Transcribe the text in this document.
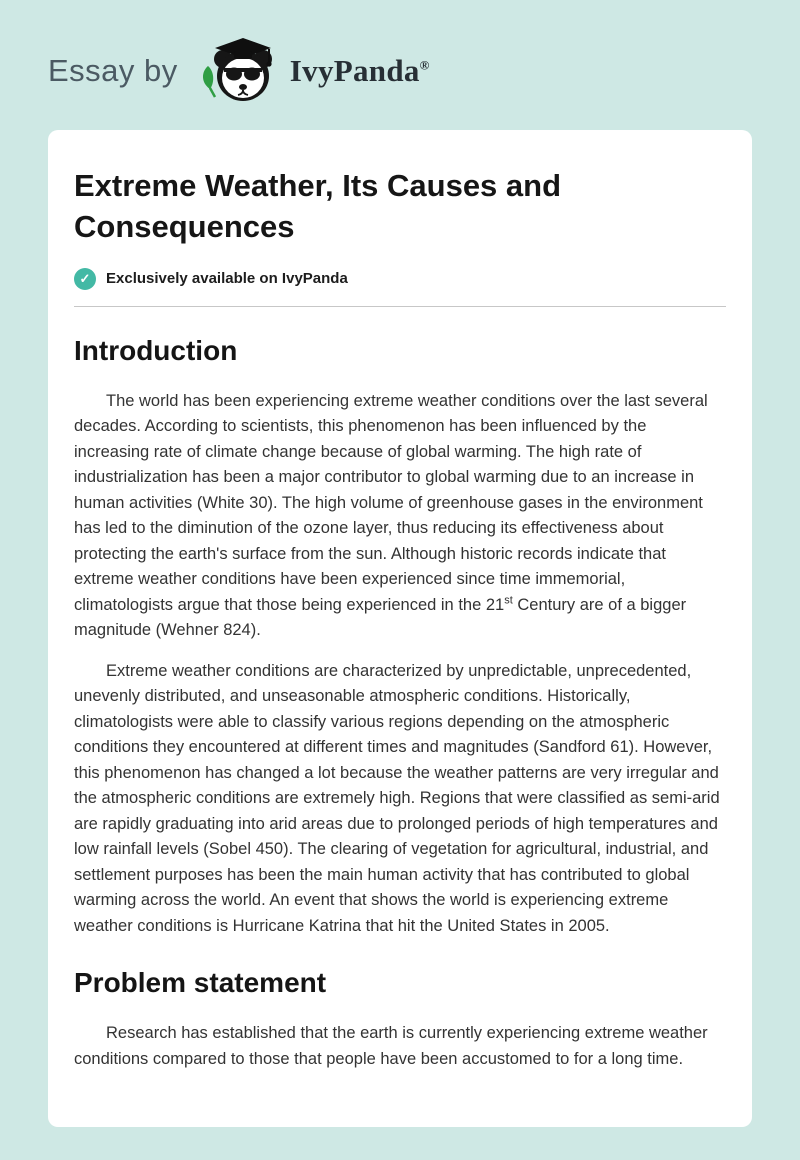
Essay by	IvyPanda®
Extreme Weather, Its Causes and Consequences
✓	Exclusively available on IvyPanda
Introduction

The world has been experiencing extreme weather conditions over the last several decades. According to scientists, this phenomenon has been influenced by the increasing rate of climate change because of global warming. The high rate of industrialization has been a major contributor to global warming due to an increase in human activities (White 30). The high volume of greenhouse gases in the environment has led to the diminution of the ozone layer, thus reducing its effectiveness about protecting the earth's surface from the sun. Although historic records indicate that extreme weather conditions have been experienced since time immemorial, climatologists argue that those being experienced in the 21st Century are of a bigger magnitude (Wehner 824).

Extreme weather conditions are characterized by unpredictable, unprecedented, unevenly distributed, and unseasonable atmospheric conditions. Historically, climatologists were able to classify various regions depending on the atmospheric conditions they encountered at different times and magnitudes (Sandford 61). However, this phenomenon has changed a lot because the weather patterns are very irregular and the atmospheric conditions are extremely high. Regions that were classified as semi-arid are rapidly graduating into arid areas due to prolonged periods of high temperatures and low rainfall levels (Sobel 450). The clearing of vegetation for agricultural, industrial, and settlement purposes has been the main human activity that has contributed to global warming across the world. An event that shows the world is experiencing extreme weather conditions is Hurricane Katrina that hit the United States in 2005.

Problem statement

Research has established that the earth is currently experiencing extreme weather conditions compared to those that people have been accustomed to for a long time.
